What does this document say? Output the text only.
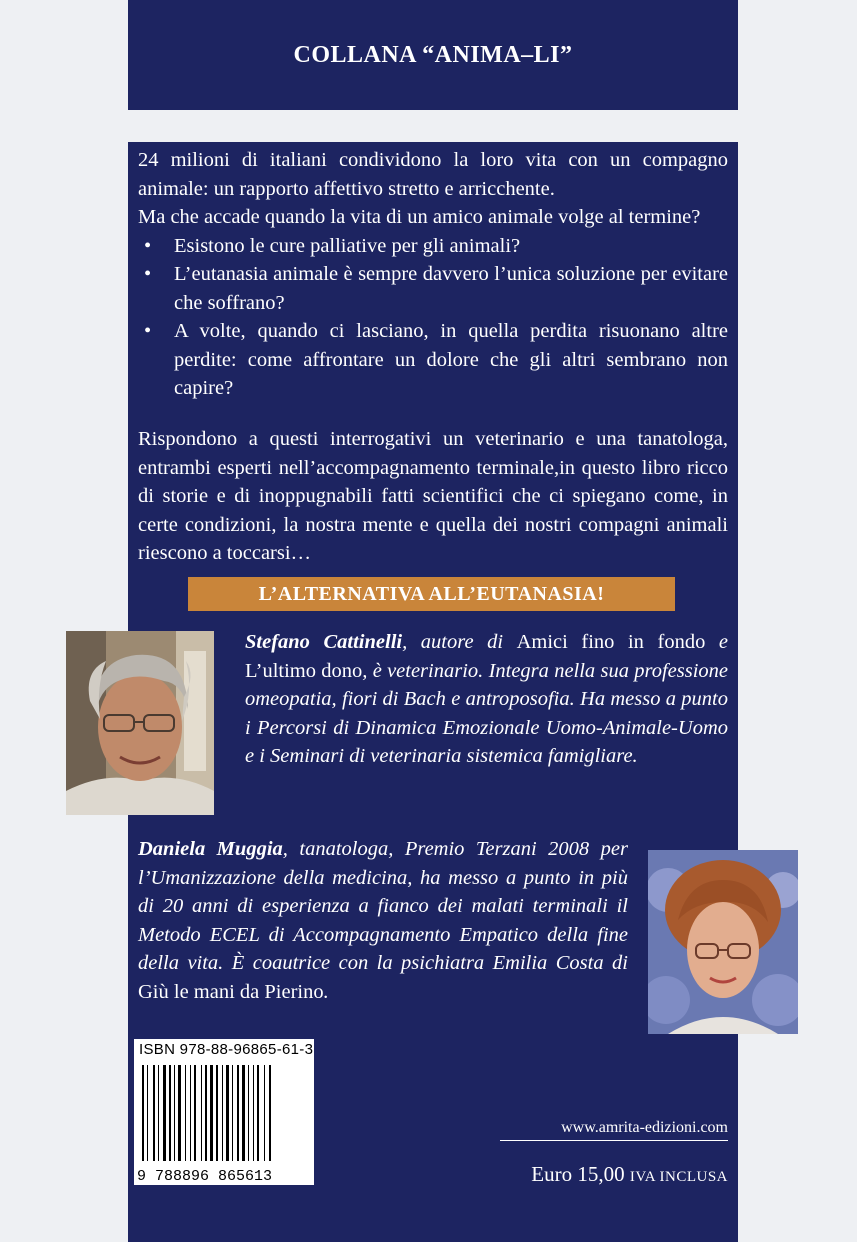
COLLANA “ANIMA–LI”

24 milioni di italiani condividono la loro vita con un compagno animale: un rapporto affettivo stretto e arricchente.

Ma che accade quando la vita di un amico animale volge al termine?

• Esistono le cure palliative per gli animali?
• L’eutanasia animale è sempre davvero l’unica soluzione per evitare che soffrano?
• A volte, quando ci lasciano, in quella perdita risuonano altre perdite: come affrontare un dolore che gli altri sembrano non capire?
Rispondono a questi interrogativi un veterinario e una tanatologa, entrambi esperti nell’accompagnamento terminale,in questo libro ricco di storie e di inoppugnabili fatti scientifici che ci spiegano come, in certe condizioni, la nostra mente e quella dei nostri compagni animali riescono a toccarsi…
L’ALTERNATIVA ALL’EUTANASIA!
Stefano Cattinelli, autore di Amici fino in fondo e L’ultimo dono, è veterinario. Integra nella sua professione omeopatia, fiori di Bach e antroposofia. Ha messo a punto i Percorsi di Dinamica Emozionale Uomo-Animale-Uomo e i Seminari di veterinaria sistemica famigliare.
Daniela Muggia, tanatologa, Premio Terzani 2008 per l’Umanizzazione della medicina, ha messo a punto in più di 20 anni di esperienza a fianco dei malati terminali il Metodo ECEL di Accompagnamento Empatico della fine della vita. È coautrice con la psichiatra Emilia Costa di Giù le mani da Pierino.
9 788896 865613
ISBN 978-88-96865-61-3
www.amrita-edizioni.com
Euro 15,00 IVA INCLUSA
